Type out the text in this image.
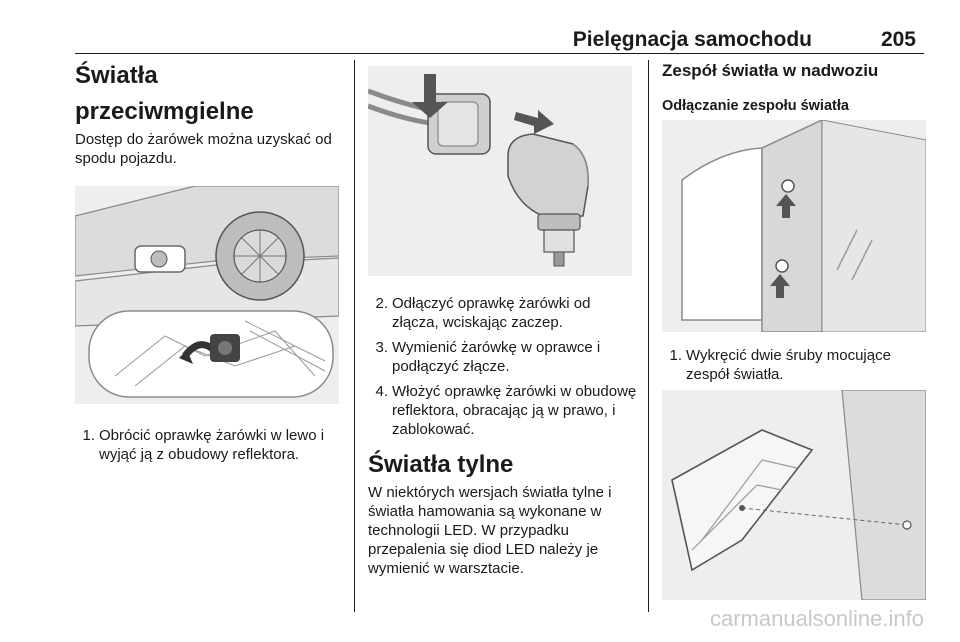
Pielęgnacja samochodu	205
Światła przeciwmgielne

Dostęp do żarówek można uzyskać od spodu pojazdu.

1. Obrócić oprawkę żarówki w lewo i wyjąć ją z obudowy reflektora.
2. Odłączyć oprawkę żarówki od złącza, wciskając zaczep.
3. Wymienić żarówkę w oprawce i podłączyć złącze.
4. Włożyć oprawkę żarówki w obudowę reflektora, obracając ją w prawo, i zablokować.
Światła tylne

W niektórych wersjach światła tylne i światła hamowania są wykonane w technologii LED. W przypadku przepalenia się diod LED należy je wymienić w warsztacie.

Zespół światła w nadwoziu
Odłączanie zespołu światła
1. Wykręcić dwie śruby mocujące zespół światła.
carmanualsonline.info
